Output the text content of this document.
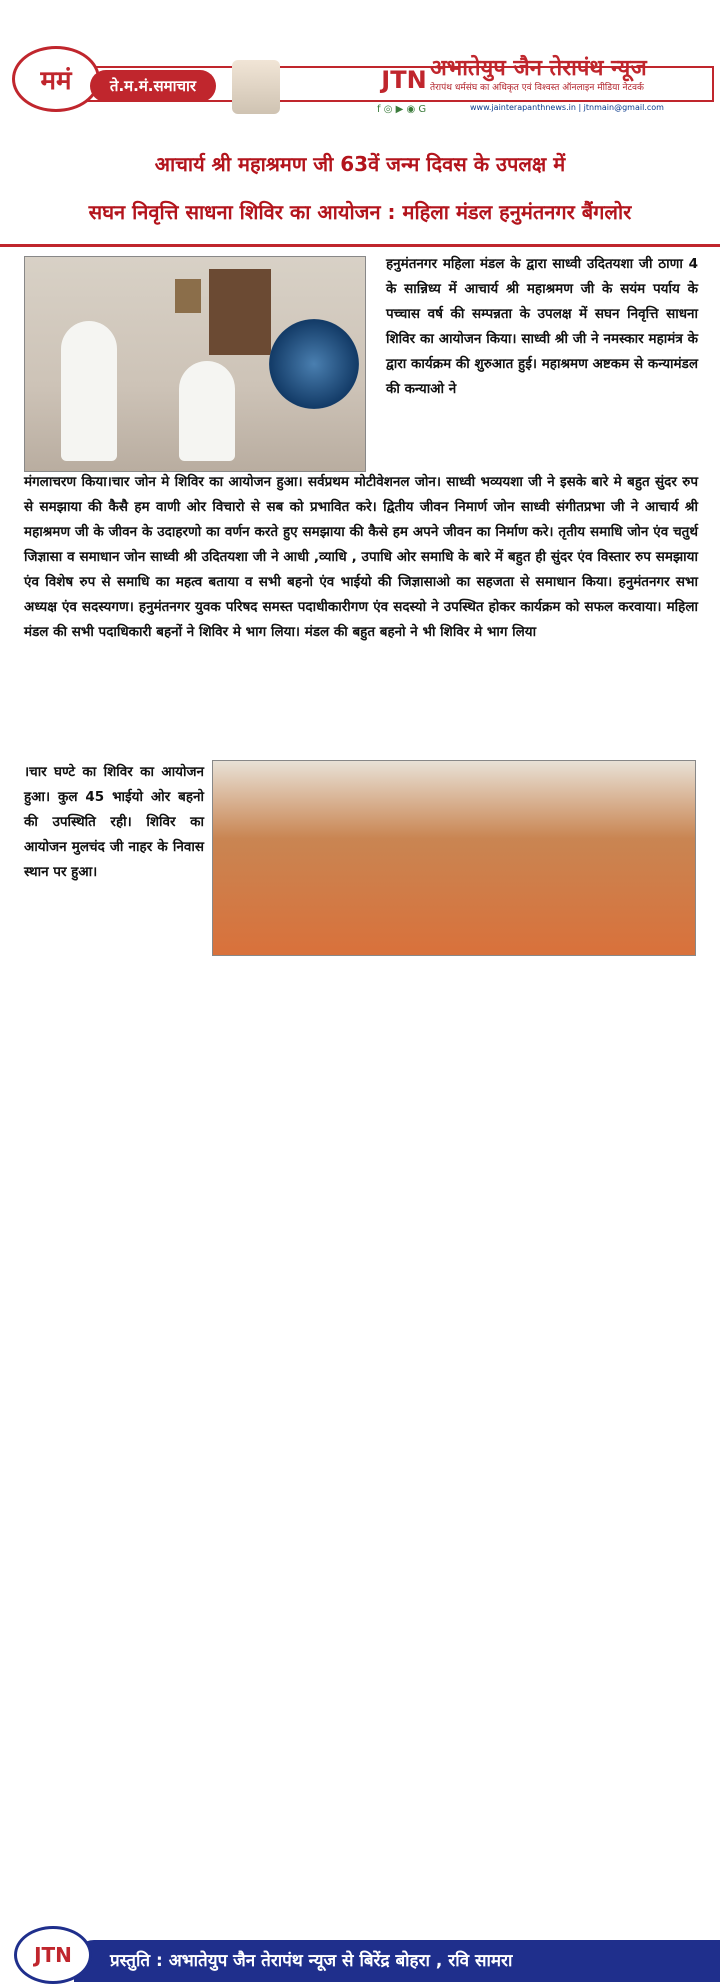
ममं	ते.म.मं.समाचार	JTN अभातेयुप जैन तेरापंथ न्यूज
तेरापंथ धर्मसंघ का अधिकृत एवं विश्वस्त ऑनलाइन मीडिया नेटवर्क
f ◎ ▶ ◉ G	www.jainterapanthnews.in | jtnmain@gmail.com
आचार्य श्री महाश्रमण जी 63वें जन्म दिवस के उपलक्ष में
सघन निवृत्ति साधना शिविर का आयोजन : महिला मंडल हनुमंतनगर बैंगलोर
हनुमंतनगर महिला मंडल के द्वारा साध्वी उदितयशा जी ठाणा 4 के सान्निध्य में आचार्य श्री महाश्रमण जी के सयंम पर्याय के पच्चास वर्ष की सम्पन्नता के उपलक्ष में सघन निवृत्ति साधना शिविर का आयोजन किया। साध्वी श्री जी ने नमस्कार महामंत्र के द्वारा कार्यक्रम की शुरुआत हुई। महाश्रमण अष्टकम से कन्यामंडल की कन्याओ ने
मंगलाचरण किया।चार जोन मे शिविर का आयोजन हुआ। सर्वप्रथम मोटीवेशनल जोन। साध्वी भव्ययशा जी ने इसके बारे मे बहुत सुंदर रुप से समझाया की कैसै हम वाणी ओर विचारो से सब को प्रभावित करे। द्वितीय जीवन निमार्ण जोन साध्वी संगीतप्रभा जी ने आचार्य श्री महाश्रमण जी के जीवन के उदाहरणो का वर्णन करते हुए समझाया की कैसे हम अपने जीवन का निर्माण करे। तृतीय समाधि जोन एंव चतुर्थ जिज्ञासा व समाधान जोन साध्वी श्री उदितयशा जी ने आधी ,व्याधि , उपाधि ओर समाधि के बारे में बहुत ही सुंदर एंव विस्तार रुप समझाया एंव विशेष रुप से समाधि का महत्व बताया व सभी बहनो एंव भाईयो की जिज्ञासाओ का सहजता से समाधान किया। हनुमंतनगर सभा अध्यक्ष एंव सदस्यगण। हनुमंतनगर युवक परिषद समस्त पदाधीकारीगण एंव सदस्यो ने उपस्थित होकर कार्यक्रम को सफल करवाया। महिला मंडल की सभी पदाधिकारी बहनों ने शिविर मे भाग लिया। मंडल की बहुत बहनो ने भी शिविर मे भाग लिया
।चार घण्टे का शिविर का आयोजन हुआ। कुल 45 भाईयो ओर बहनो की उपस्थिति रही। शिविर का आयोजन मुलचंद जी नाहर के निवास स्थान पर हुआ।
प्रस्तुति : अभातेयुप जैन तेरापंथ न्यूज से बिरेंद्र बोहरा , रवि सामरा
JTN
